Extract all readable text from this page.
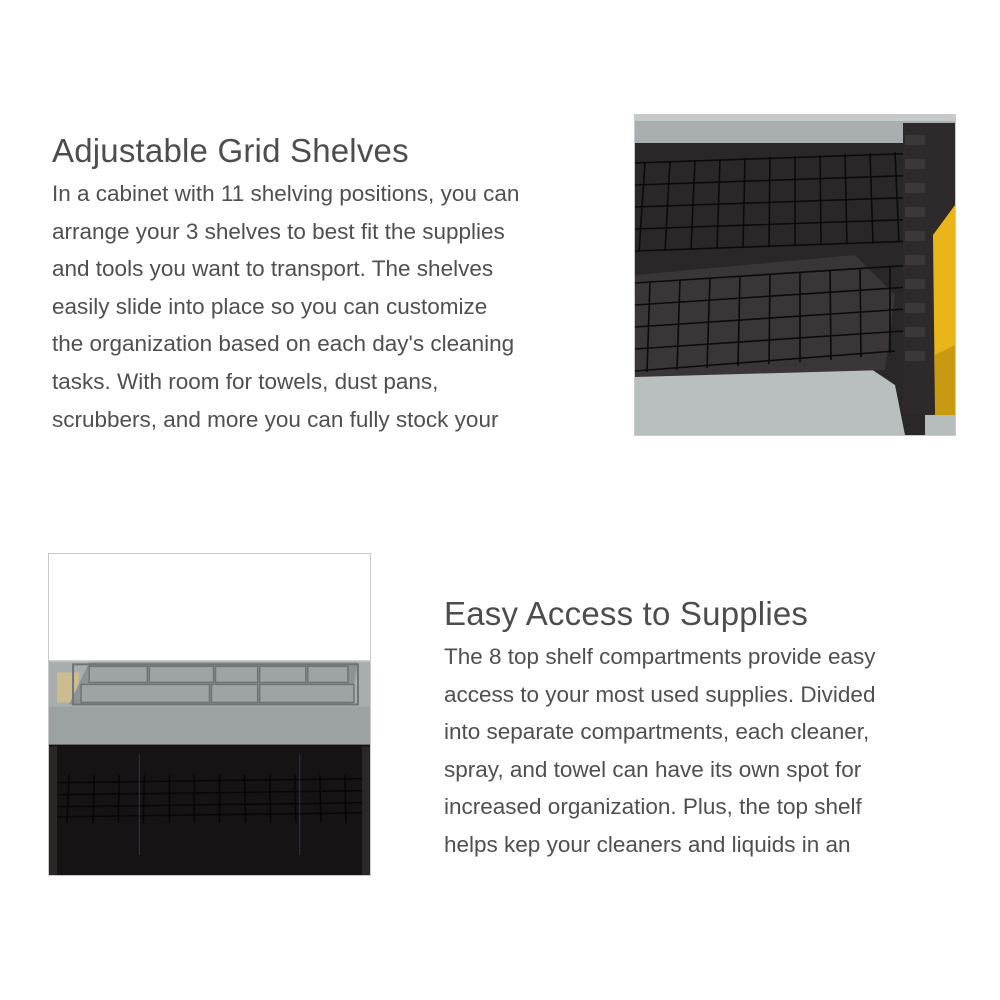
Adjustable Grid Shelves

In a cabinet with 11 shelving positions, you can

arrange your 3 shelves to best fit the supplies

and tools you want to transport. The shelves

easily slide into place so you can customize

the organization based on each day's cleaning

tasks. With room for towels, dust pans,

scrubbers, and more you can fully stock your

Easy Access to Supplies

The 8 top shelf compartments provide easy

access to your most used supplies. Divided

into separate compartments, each cleaner,

spray, and towel can have its own spot for

increased organization. Plus, the top shelf

helps kep your cleaners and liquids in an
